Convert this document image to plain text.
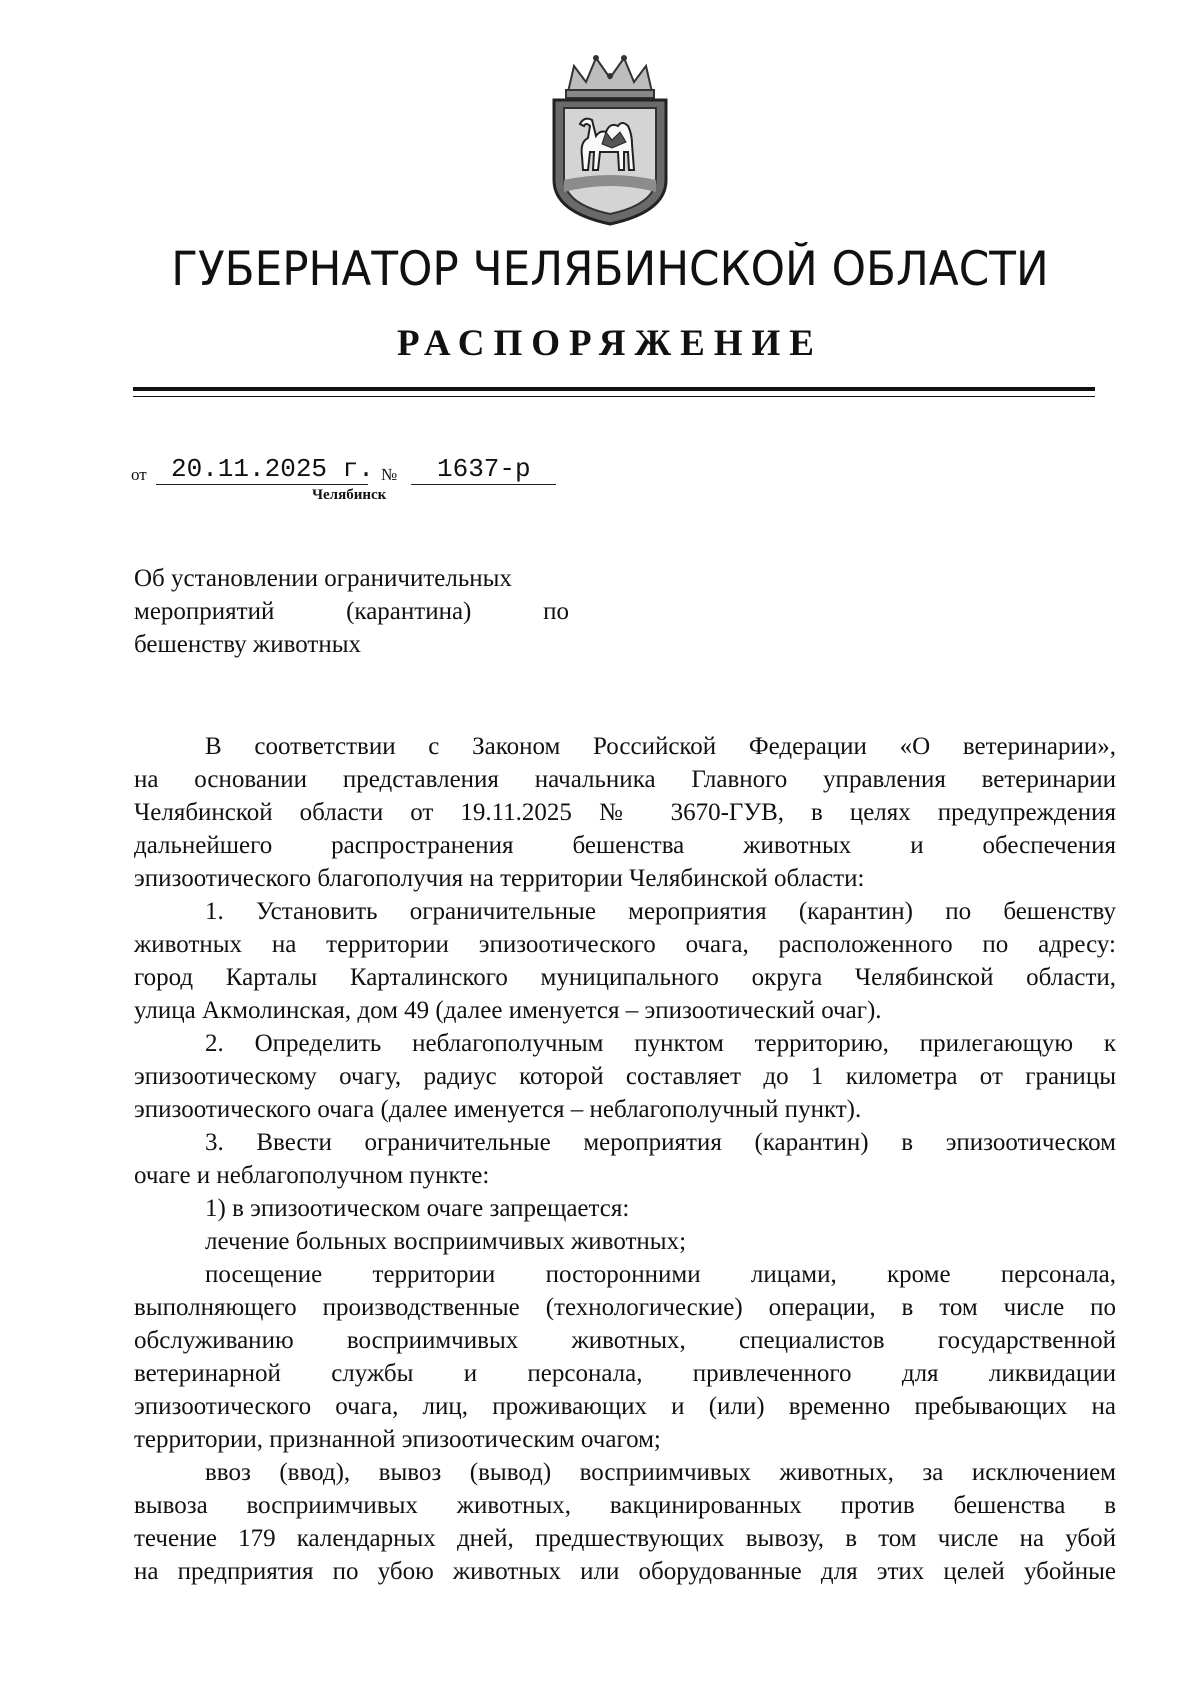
ГУБЕРНАТОР ЧЕЛЯБИНСКОЙ ОБЛАСТИ
РАСПОРЯЖЕНИЕ
от 20.11.2025 г. № 1637-р
Челябинск
Об установлении ограничительных
мероприятий (карантина) по
бешенству животных
В соответствии с Законом Российской Федерации «О ветеринарии»,
на основании представления начальника Главного управления ветеринарии
Челябинской области от 19.11.2025 № 3670-ГУВ, в целях предупреждения
дальнейшего распространения бешенства животных и обеспечения
эпизоотического благополучия на территории Челябинской области:
1. Установить ограничительные мероприятия (карантин) по бешенству
животных на территории эпизоотического очага, расположенного по адресу:
город Карталы Карталинского муниципального округа Челябинской области,
улица Акмолинская, дом 49 (далее именуется – эпизоотический очаг).
2. Определить неблагополучным пунктом территорию, прилегающую к
эпизоотическому очагу, радиус которой составляет до 1 километра от границы
эпизоотического очага (далее именуется – неблагополучный пункт).
3. Ввести ограничительные мероприятия (карантин) в эпизоотическом
очаге и неблагополучном пункте:
1) в эпизоотическом очаге запрещается:
лечение больных восприимчивых животных;
посещение территории посторонними лицами, кроме персонала,
выполняющего производственные (технологические) операции, в том числе по
обслуживанию восприимчивых животных, специалистов государственной
ветеринарной службы и персонала, привлеченного для ликвидации
эпизоотического очага, лиц, проживающих и (или) временно пребывающих на
территории, признанной эпизоотическим очагом;
ввоз (ввод), вывоз (вывод) восприимчивых животных, за исключением
вывоза восприимчивых животных, вакцинированных против бешенства в
течение 179 календарных дней, предшествующих вывозу, в том числе на убой
на предприятия по убою животных или оборудованные для этих целей убойные
